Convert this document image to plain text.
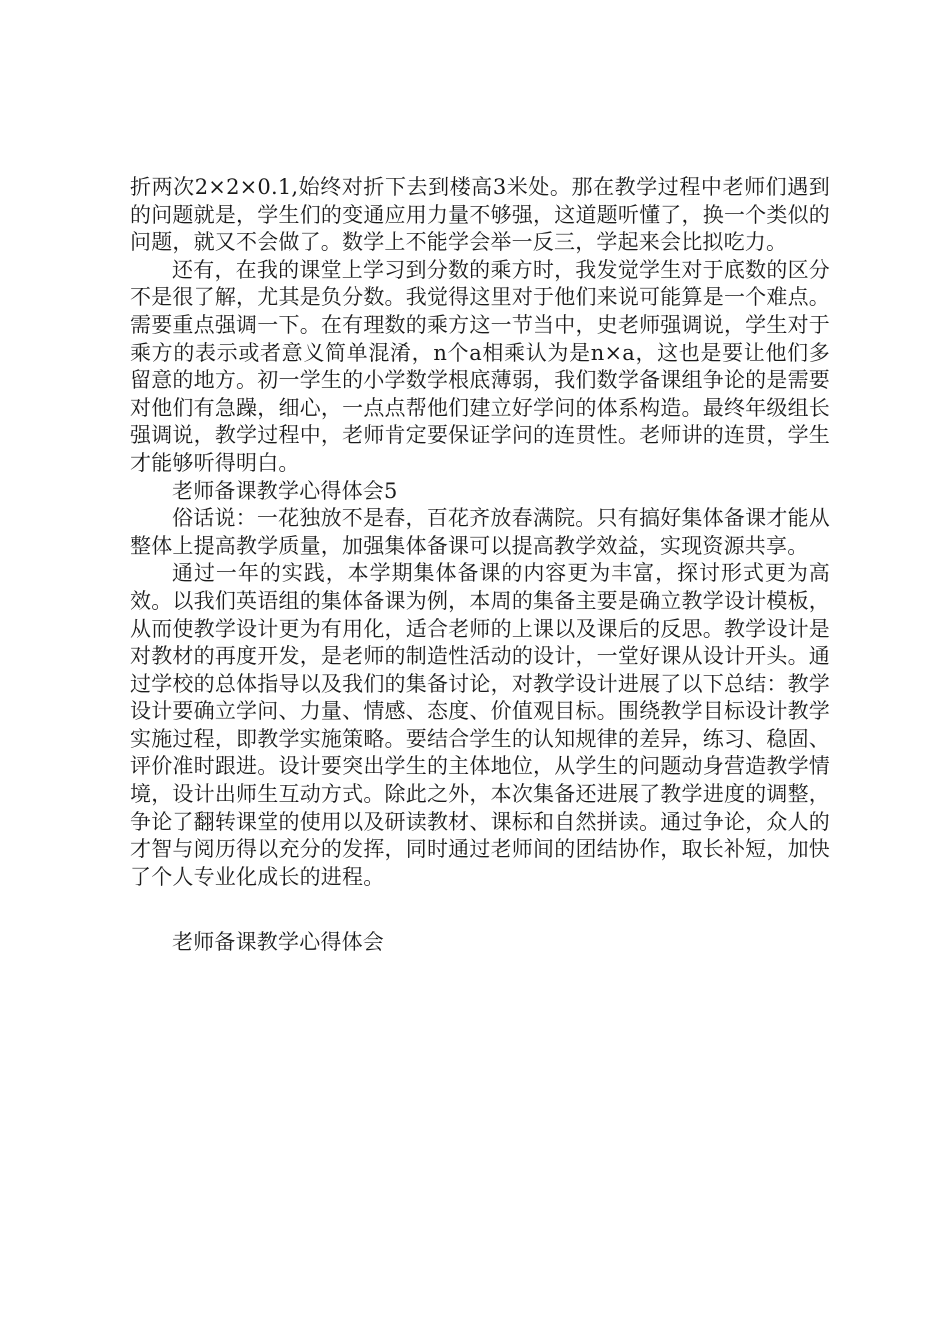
折两次2×2×0.1,始终对折下去到楼高3米处。那在教学过程中老师们遇到的问题就是，学生们的变通应用力量不够强，这道题听懂了，换一个类似的问题，就又不会做了。数学上不能学会举一反三，学起来会比拟吃力。

还有，在我的课堂上学习到分数的乘方时，我发觉学生对于底数的区分不是很了解，尤其是负分数。我觉得这里对于他们来说可能算是一个难点。需要重点强调一下。在有理数的乘方这一节当中，史老师强调说，学生对于乘方的表示或者意义简单混淆，n个a相乘认为是n×a，这也是要让他们多留意的地方。初一学生的小学数学根底薄弱，我们数学备课组争论的是需要对他们有急躁，细心，一点点帮他们建立好学问的体系构造。最终年级组长强调说，教学过程中，老师肯定要保证学问的连贯性。老师讲的连贯，学生才能够听得明白。

老师备课教学心得体会5

俗话说：一花独放不是春，百花齐放春满院。只有搞好集体备课才能从整体上提高教学质量，加强集体备课可以提高教学效益，实现资源共享。

通过一年的实践，本学期集体备课的内容更为丰富，探讨形式更为高效。以我们英语组的集体备课为例，本周的集备主要是确立教学设计模板，从而使教学设计更为有用化，适合老师的上课以及课后的反思。教学设计是对教材的再度开发，是老师的制造性活动的设计，一堂好课从设计开头。通过学校的总体指导以及我们的集备讨论，对教学设计进展了以下总结：教学设计要确立学问、力量、情感、态度、价值观目标。围绕教学目标设计教学实施过程，即教学实施策略。要结合学生的认知规律的差异，练习、稳固、评价准时跟进。设计要突出学生的主体地位，从学生的问题动身营造教学情境，设计出师生互动方式。除此之外，本次集备还进展了教学进度的调整，争论了翻转课堂的使用以及研读教材、课标和自然拼读。通过争论，众人的才智与阅历得以充分的发挥，同时通过老师间的团结协作，取长补短，加快了个人专业化成长的进程。

老师备课教学心得体会
